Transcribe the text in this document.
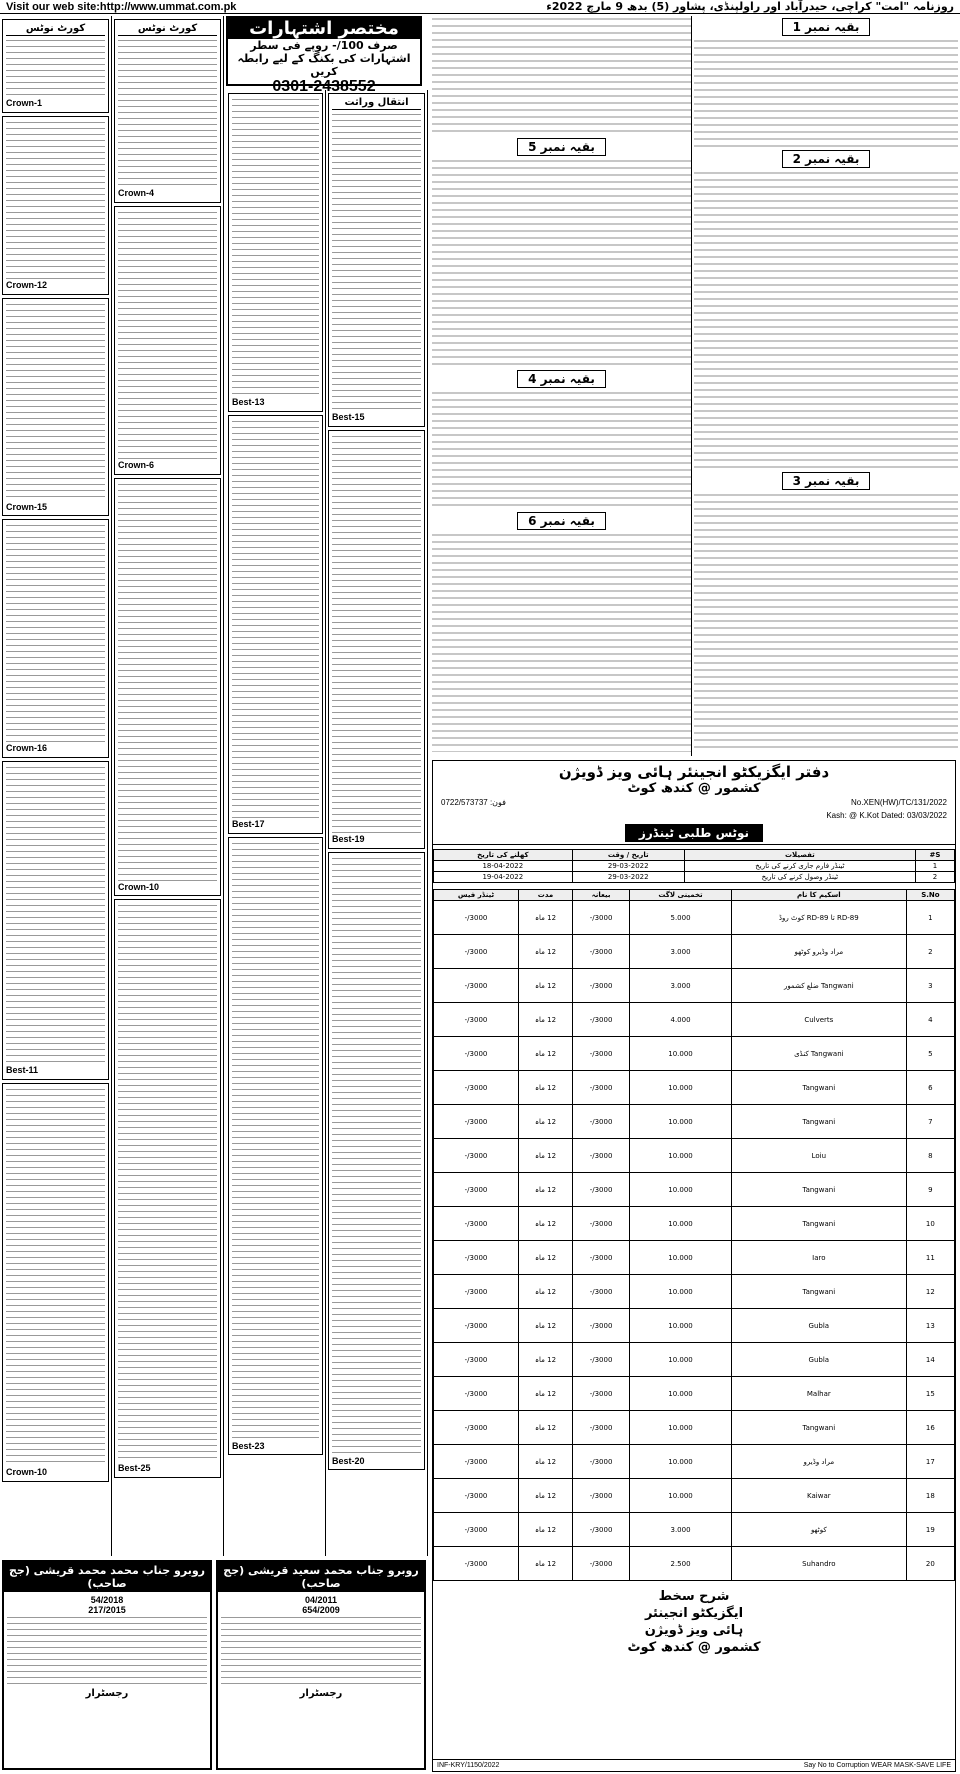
Visit our web site:http://www.ummat.com.pk	روزنامہ "امت" کراچی، حیدرآباد اور راولپنڈی، پشاور (5) بدھ 9 مارچ 2022ء
کورٹ نوٹس
Crown-1
Crown-12
Crown-15
Crown-16
Best-11
Crown-10
کورٹ نوٹس
Crown-4
Crown-6
Crown-10
Best-25
مختصر اشتہارات
صرف 100/- روپے فی سطر
اشتہارات کی بکنگ کے لیے رابطہ کریں
0301-2438552
Best-13
Best-17
Best-23
انتقال وراثت
Best-15
Best-19
Best-20
بقیہ نمبر 5
بقیہ نمبر 4
بقیہ نمبر 6
بقیہ نمبر 1
بقیہ نمبر 2
بقیہ نمبر 3
دفتر ایگزیکٹو انجینئر ہائی ویز ڈویژن
کشمور @ کندھ کوٹ
فون: 0722/573737	No.XEN(HW)/TC/131/2022
Kash: @ K.Kot Dated: 03/03/2022
نوٹس طلبی ٹینڈرز
S#	تفصیلات	تاریخ / وقت	کھلنے کی تاریخ
1	ٹینڈر فارم جاری کرنے کی تاریخ	29-03-2022	18-04-2022
2	ٹینڈر وصول کرنے کی تاریخ	29-03-2022	19-04-2022
S.No	اسکیم کا نام	تخمینی لاگت	بیعانہ	مدت	ٹینڈر فیس
1	RD-89 تا RD-89 کوٹ روڈ	5.000	3000/-	12 ماہ	3000/-
2	مراد وڈیرو کوٹھو	3.000	3000/-	12 ماہ	3000/-
3	Tangwani ضلع کشمور	3.000	3000/-	12 ماہ	3000/-
4	Culverts	4.000	3000/-	12 ماہ	3000/-
5	Tangwani کنڈی	10.000	3000/-	12 ماہ	3000/-
6	Tangwani	10.000	3000/-	12 ماہ	3000/-
7	Tangwani	10.000	3000/-	12 ماہ	3000/-
8	Loiu	10.000	3000/-	12 ماہ	3000/-
9	Tangwani	10.000	3000/-	12 ماہ	3000/-
10	Tangwani	10.000	3000/-	12 ماہ	3000/-
11	Iaro	10.000	3000/-	12 ماہ	3000/-
12	Tangwani	10.000	3000/-	12 ماہ	3000/-
13	Gubla	10.000	3000/-	12 ماہ	3000/-
14	Gubla	10.000	3000/-	12 ماہ	3000/-
15	Malhar	10.000	3000/-	12 ماہ	3000/-
16	Tangwani	10.000	3000/-	12 ماہ	3000/-
17	مراد وڈیرو	10.000	3000/-	12 ماہ	3000/-
18	Kaiwar	10.000	3000/-	12 ماہ	3000/-
19	کوٹھو	3.000	3000/-	12 ماہ	3000/-
20	Suhandro	2.500	3000/-	12 ماہ	3000/-
شرح سخط
ایگزیکٹو انجینئر
ہائی ویز ڈویژن
کشمور @ کندھ کوٹ
INF-KRY/1150/2022	Say No to Corruption WEAR MASK-SAVE LIFE
روبرو جناب محمد محمد قریشی (جج صاحب)
54/2018
217/2015
رجسٹرار
روبرو جناب محمد سعید قریشی (جج صاحب)
04/2011
654/2009
رجسٹرار
